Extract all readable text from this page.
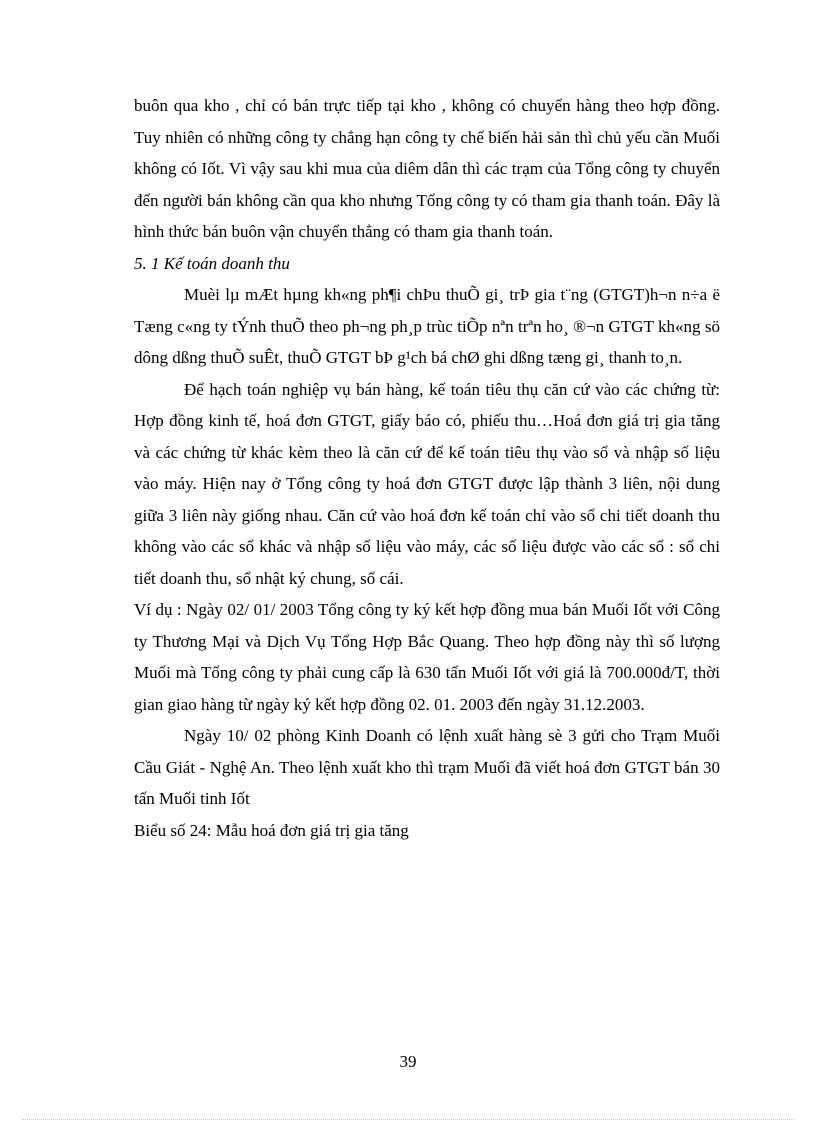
buôn qua kho , chỉ có bán trực tiếp tại kho , không có chuyển hàng theo hợp đồng. Tuy nhiên có những công ty chẳng hạn công ty chế biến hải sản thì chủ yếu cần Muối không có Iốt. Vì vậy sau khi mua của diêm dân thì các trạm của Tổng công ty chuyển đến người bán không cần qua kho nhưng Tổng công ty có tham gia thanh toán. Đây là hình thức bán buôn vận chuyển thẳng có tham gia thanh toán.

5. 1 Kế toán doanh thu

Muèi lµ mÆt hµng kh«ng ph¶i chÞu thuÕ gi¸ trÞ gia t¨ng (GTGT)h¬n n÷a ë Tæng c«ng ty tÝnh thuÕ theo ph¬ng ph¸p trùc tiÕp nªn trªn ho¸ ®¬n GTGT kh«ng sö dông dßng thuÕ suÊt, thuÕ GTGT bÞ g¹ch bá chØ ghi dßng tæng gi¸ thanh to¸n.

Để hạch toán nghiệp vụ bán hàng, kế toán tiêu thụ căn cứ vào các chứng từ: Hợp đồng kinh tế, hoá đơn GTGT, giấy báo có, phiếu thu…Hoá đơn giá trị gia tăng và các chứng từ khác kèm theo là căn cứ để kế toán tiêu thụ vào sổ và nhập số liệu vào máy. Hiện nay ở Tổng công ty hoá đơn GTGT được lập thành 3 liên, nội dung giữa 3 liên này giống nhau. Căn cứ vào hoá đơn kế toán chỉ vào sổ chi tiết doanh thu không vào các sổ khác và nhập số liệu vào máy, các số liệu được vào các sổ : sổ chi tiết doanh thu, sổ nhật ký chung, sổ cái.

Ví dụ : Ngày 02/ 01/ 2003 Tổng công ty ký kết hợp đồng mua bán Muối Iốt với Công ty Thương Mại và Dịch Vụ Tổng Hợp Bắc Quang. Theo hợp đồng này thì số lượng Muối mà Tổng công ty phải cung cấp là 630 tấn Muối Iốt với giá là 700.000đ/T, thời gian giao hàng từ ngày ký kết hợp đồng 02. 01. 2003 đến ngày 31.12.2003.

Ngày 10/ 02 phòng Kinh Doanh có lệnh xuất hàng sè 3 gửi cho Trạm Muối Cầu Giát - Nghệ An. Theo lệnh xuất kho thì trạm Muối đã viết hoá đơn GTGT bán 30 tấn Muối tinh Iốt

Biểu số 24: Mẫu hoá đơn giá trị gia tăng

39
